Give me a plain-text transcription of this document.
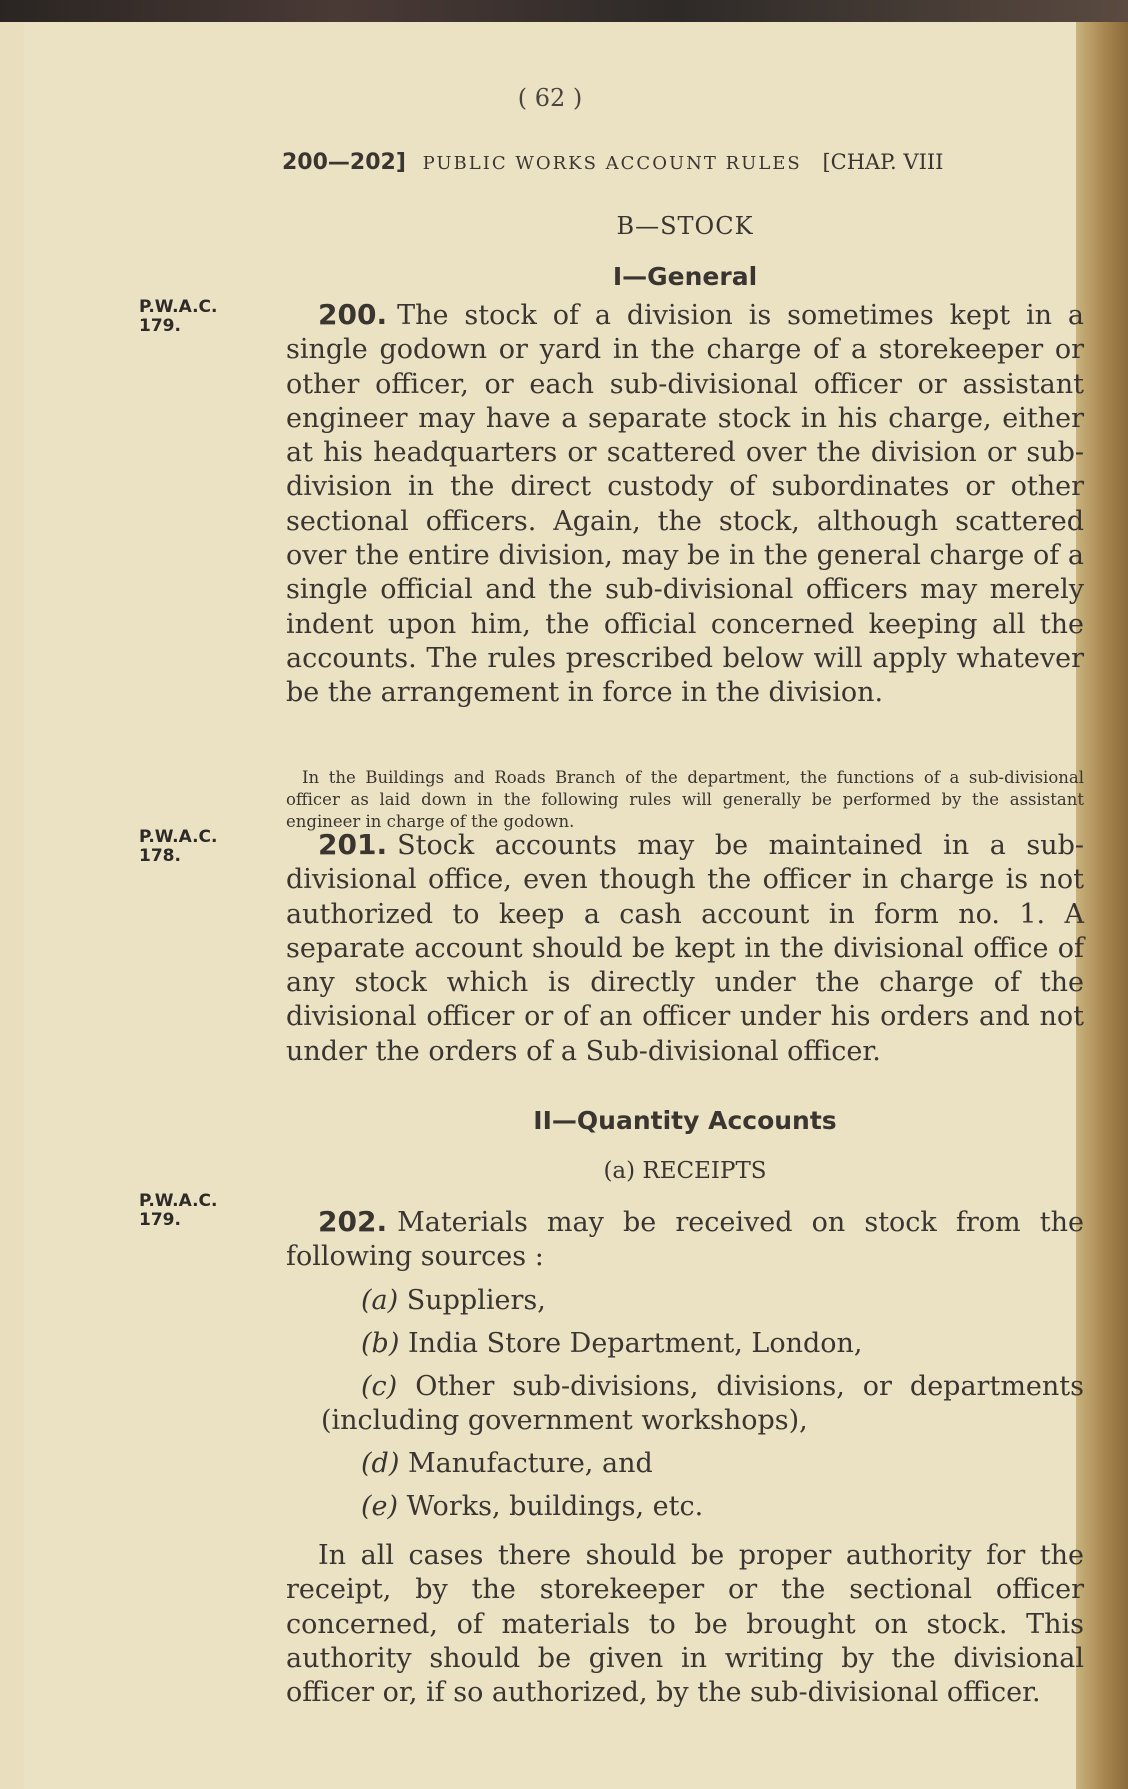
( 62 )
200—202] PUBLIC WORKS ACCOUNT RULES [CHAP. VIII
B—STOCK
I—General
P.W.A.C.
179.	200. The stock of a division is sometimes kept in a single godown or yard in the charge of a storekeeper or other officer, or each sub-divisional officer or assistant engineer may have a separate stock in his charge, either at his headquarters or scattered over the division or sub-division in the direct custody of subordinates or other sectional officers. Again, the stock, although scattered over the entire division, may be in the general charge of a single official and the sub-divisional officers may merely indent upon him, the official concerned keeping all the accounts. The rules prescribed below will apply whatever be the arrangement in force in the division.
In the Buildings and Roads Branch of the department, the functions of a sub-divisional officer as laid down in the following rules will generally be performed by the assistant engineer in charge of the godown.
P.W.A.C.
178.	201. Stock accounts may be maintained in a sub-divisional office, even though the officer in charge is not authorized to keep a cash account in form no. 1. A separate account should be kept in the divisional office of any stock which is directly under the charge of the divisional officer or of an officer under his orders and not under the orders of a Sub-divisional officer.
II—Quantity Accounts
(a) RECEIPTS
P.W.A.C.
179.	202. Materials may be received on stock from the following sources :
(a) Suppliers,
(b) India Store Department, London,
(c) Other sub-divisions, divisions, or departments (including government workshops),
(d) Manufacture, and
(e) Works, buildings, etc.
In all cases there should be proper authority for the receipt, by the storekeeper or the sectional officer concerned, of materials to be brought on stock. This authority should be given in writing by the divisional officer or, if so authorized, by the sub-divisional officer.
